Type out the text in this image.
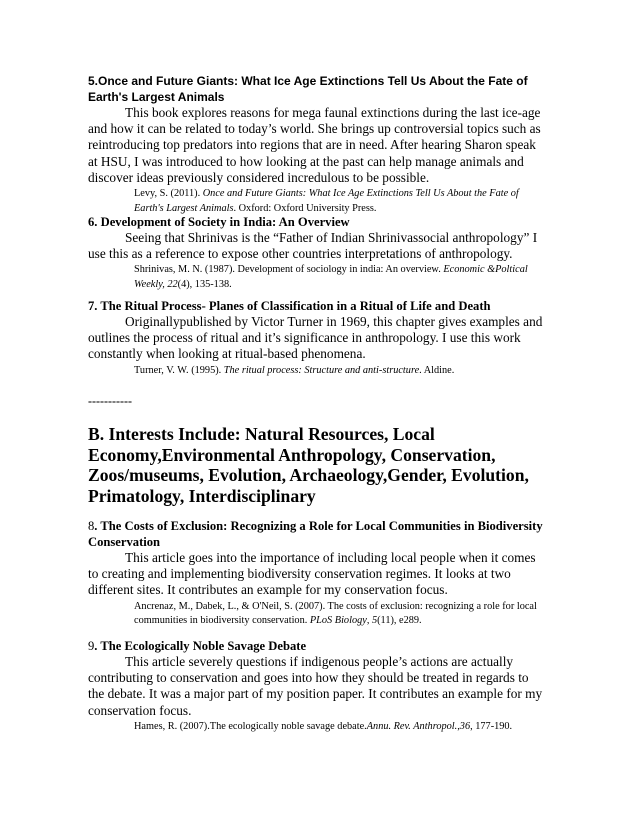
5.Once and Future Giants: What Ice Age Extinctions Tell Us About the Fate of Earth's Largest Animals

This book explores reasons for mega faunal extinctions during the last ice-age and how it can be related to today’s world. She brings up controversial topics such as reintroducing top predators into regions that are in need. After hearing Sharon speak at HSU, I was introduced to how looking at the past can help manage animals and discover ideas previously considered incredulous to be possible.

Levy, S. (2011). Once and Future Giants: What Ice Age Extinctions Tell Us About the Fate of Earth's Largest Animals. Oxford: Oxford University Press.

6. Development of Society in India: An Overview

Seeing that Shrinivas is the “Father of Indian Shrinivassocial anthropology” I use this as a reference to expose other countries interpretations of anthropology.

Shrinivas, M. N. (1987). Development of sociology in india: An overview. Economic &Poltical Weekly, 22(4), 135-138.

7. The Ritual Process- Planes of Classification in a Ritual of Life and Death

Originallypublished by Victor Turner in 1969, this chapter gives examples and outlines the process of ritual and it’s significance in anthropology. I use this work constantly when looking at ritual-based phenomena.

Turner, V. W. (1995). The ritual process: Structure and anti-structure. Aldine.

-----------

B. Interests Include: Natural Resources, Local Economy,Environmental Anthropology, Conservation, Zoos/museums, Evolution, Archaeology,Gender, Evolution, Primatology, Interdisciplinary

8. The Costs of Exclusion: Recognizing a Role for Local Communities in Biodiversity Conservation

This article goes into the importance of including local people when it comes to creating and implementing biodiversity conservation regimes. It looks at two different sites. It contributes an example for my conservation focus.

Ancrenaz, M., Dabek, L., & O'Neil, S. (2007). The costs of exclusion: recognizing a role for local communities in biodiversity conservation. PLoS Biology, 5(11), e289.

9. The Ecologically Noble Savage Debate

This article severely questions if indigenous people’s actions are actually contributing to conservation and goes into how they should be treated in regards to the debate. It was a major part of my position paper. It contributes an example for my conservation focus.

Hames, R. (2007).The ecologically noble savage debate.Annu. Rev. Anthropol.,36, 177-190.
